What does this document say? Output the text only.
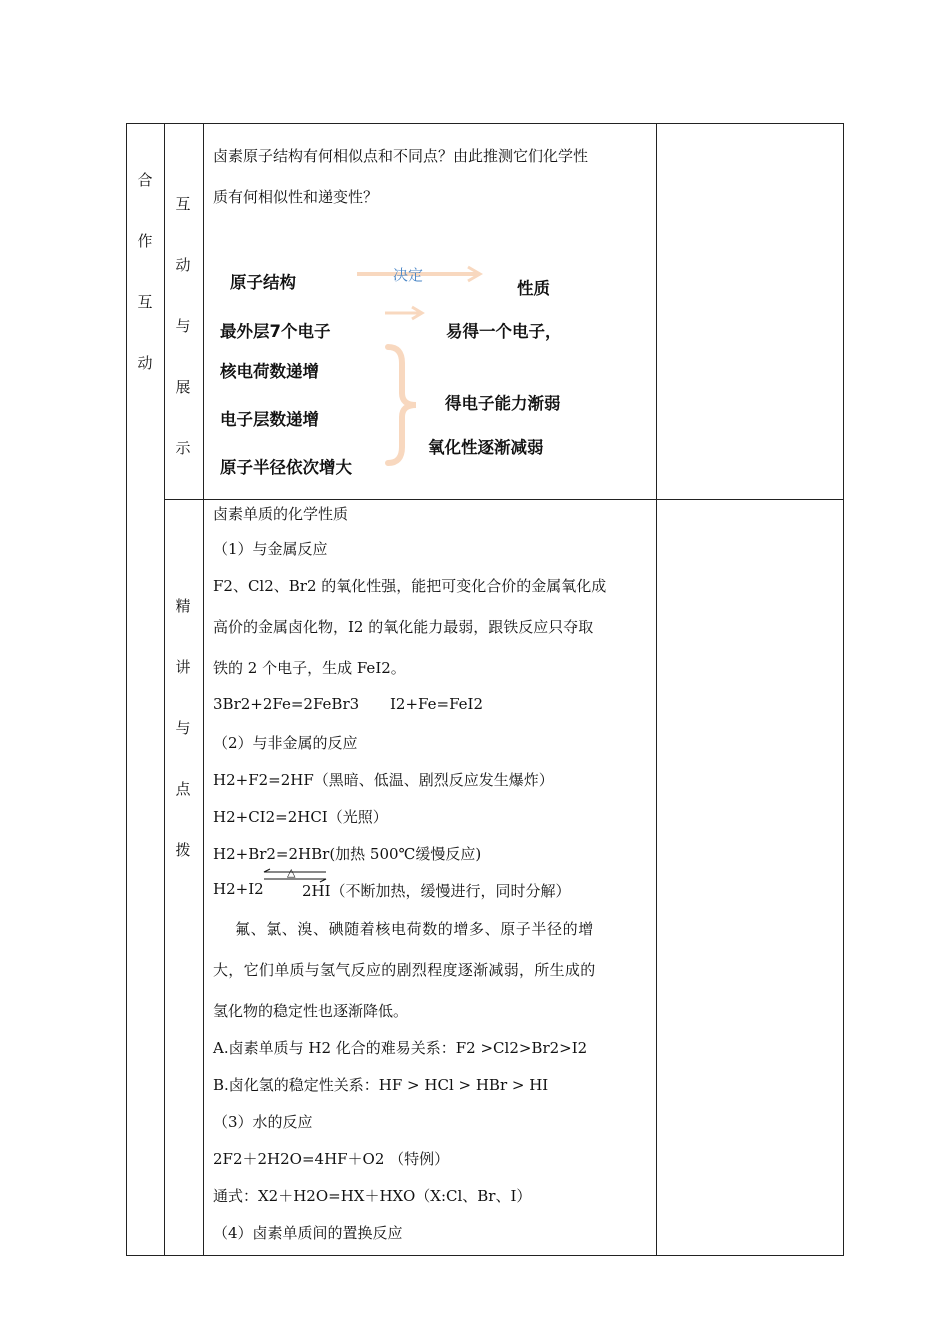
合
作
互
动
互
动
与
展
示
卤素原子结构有何相似点和不同点？由此推测它们化学性
质有何相似性和递变性？
原子结构	决定
性质
最外层7个电子	易得一个电子，
核电荷数递增
电子层数递增
原子半径依次增大
得电子能力渐弱
氧化性逐渐减弱
精
讲
与
点
拨
卤素单质的化学性质
（1）与金属反应
F2、Cl2、Br2 的氧化性强，能把可变化合价的金属氧化成
高价的金属卤化物，I2 的氧化能力最弱，跟铁反应只夺取
铁的 2 个电子，生成 FeI2。
3Br2+2Fe=2FeBr3 I2+Fe=FeI2
（2）与非金属的反应
H2+F2=2HF（黑暗、低温、剧烈反应发生爆炸）
H2+CI2=2HCI（光照）
H2+Br2=2HBr(加热 500℃缓慢反应)
H2+I2
△
2HI（不断加热，缓慢进行，同时分解）
氟、氯、溴、碘随着核电荷数的增多、原子半径的增
大，它们单质与氢气反应的剧烈程度逐渐减弱，所生成的
氢化物的稳定性也逐渐降低。
A.卤素单质与 H2 化合的难易关系：F2 >Cl2>Br2>I2
B.卤化氢的稳定性关系：HF > HCl > HBr > HI
（3）水的反应
2F2＋2H2O=4HF＋O2 （特例）
通式：X2＋H2O=HX＋HXO（X:Cl、Br、I）
（4）卤素单质间的置换反应
